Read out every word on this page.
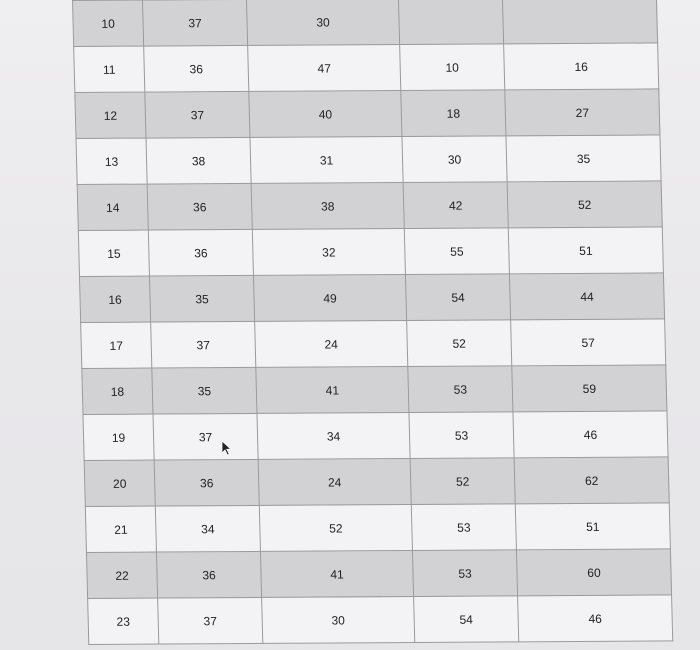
10	37	30		
11	36	47	10	16
12	37	40	18	27
13	38	31	30	35
14	36	38	42	52
15	36	32	55	51
16	35	49	54	44
17	37	24	52	57
18	35	41	53	59
19	37	34	53	46
20	36	24	52	62
21	34	52	53	51
22	36	41	53	60
23	37	30	54	46
